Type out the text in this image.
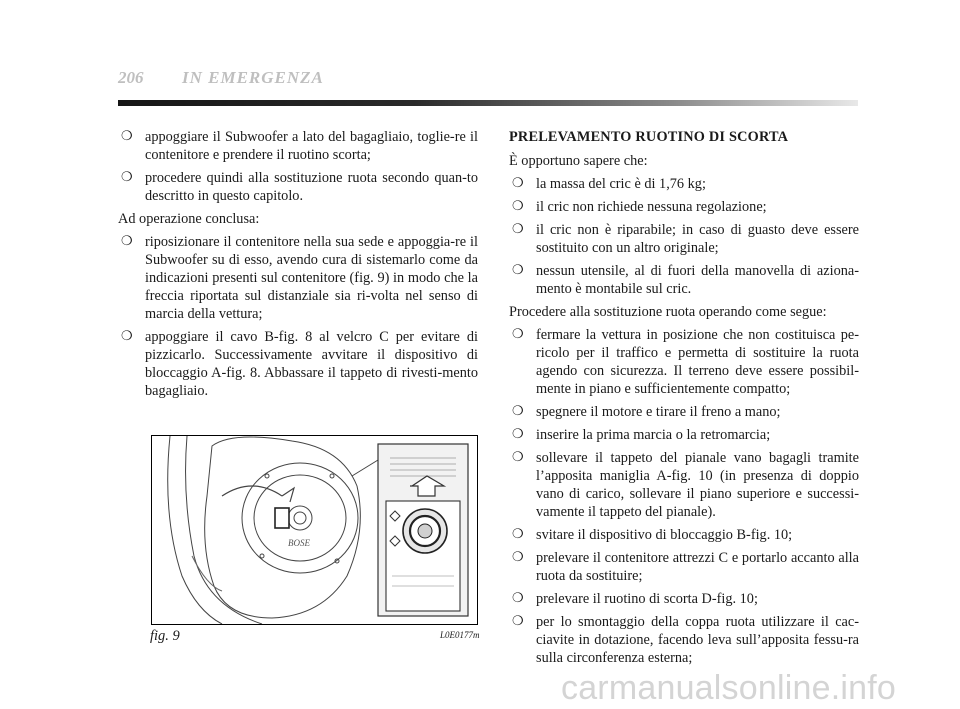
206 IN EMERGENZA
❍ appoggiare il Subwoofer a lato del bagagliaio, toglie-re il contenitore e prendere il ruotino scorta;
❍ procedere quindi alla sostituzione ruota secondo quan-to descritto in questo capitolo.
Ad operazione conclusa:
❍ riposizionare il contenitore nella sua sede e appoggia-re il Subwoofer su di esso, avendo cura di sistemarlo come da indicazioni presenti sul contenitore (fig. 9) in modo che la freccia riportata sul distanziale sia ri-volta nel senso di marcia della vettura;
❍ appoggiare il cavo B-fig. 8 al velcro C per evitare di pizzicarlo. Successivamente avvitare il dispositivo di bloccaggio A-fig. 8. Abbassare il tappeto di rivesti-mento bagagliaio.
BOSE
fig. 9	L0E0177m
PRELEVAMENTO RUOTINO DI SCORTA
È opportuno sapere che:
❍ la massa del cric è di 1,76 kg;
❍ il cric non richiede nessuna regolazione;
❍ il cric non è riparabile; in caso di guasto deve essere sostituito con un altro originale;
❍ nessun utensile, al di fuori della manovella di aziona-mento è montabile sul cric.
Procedere alla sostituzione ruota operando come segue:
❍ fermare la vettura in posizione che non costituisca pe-ricolo per il traffico e permetta di sostituire la ruota agendo con sicurezza. Il terreno deve essere possibil-mente in piano e sufficientemente compatto;
❍ spegnere il motore e tirare il freno a mano;
❍ inserire la prima marcia o la retromarcia;
❍ sollevare il tappeto del pianale vano bagagli tramite l’apposita maniglia A-fig. 10 (in presenza di doppio vano di carico, sollevare il piano superiore e successi-vamente il tappeto del pianale).
❍ svitare il dispositivo di bloccaggio B-fig. 10;
❍ prelevare il contenitore attrezzi C e portarlo accanto alla ruota da sostituire;
❍ prelevare il ruotino di scorta D-fig. 10;
❍ per lo smontaggio della coppa ruota utilizzare il cac-ciavite in dotazione, facendo leva sull’apposita fessu-ra sulla circonferenza esterna;
carmanualsonline.info
